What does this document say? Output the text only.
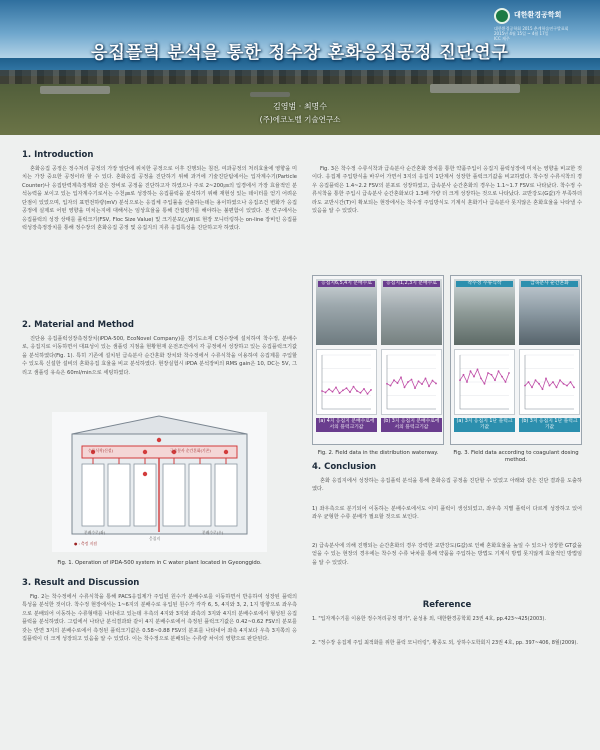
응집플럭 분석을 통한 정수장 혼화응집공정 진단연구
김영범 · 최명수
(주)에코노벨 기술연구소
대한환경공학회
대한환경공학회 2015 춘계학술연구발표회
2015년 4월 15일 ~ 4월 17일
ICC 제주
1. Introduction

혼화응집 공정은 정수처리 공정의 가장 앞단에 위치한 공정으로 이후 진행되는 침전, 여과공정의 처리효율에 영향을 미치는 가장 중요한 공정이라 할 수 있다. 혼화응집 공정을 진단하기 위해 과거에 기술진단팀에서는 입자계수기(Particle Counter)나 응집탄력계측정계와 같은 장비로 공정을 진단하고자 하였으나 주로 2~200㎛의 입경에서 가장 효율적인 분석능력을 보이고 있는 입자계수기로서는 수천㎛로 성장하는 응집플럭을 분석하기 위해 재현성 있는 데이터를 얻기 어려운 단점이 있었으며, 입자의 표면전하량(mV) 분석으로는 응집체 주입률을 산출하는데는 용이하였으나 응집조건 변화가 응집공정에 실제로 어떤 영향을 미치는지에 대해서는 임상효율을 통해 간접평가를 해야하는 불편함이 있었다. 본 연구에서는 응집플럭의 성장 상태를 플럭크기(FSV, Floc Size Value) 및 크기분포(△W)로 현장 모니터링하는 on-line 장비인 응집플럭성장측정장치를 통해 정수장의 혼화응집 공정 및 응집지의 지류 응집특성을 진단하고자 하였다.

2. Material and Method

진단용 응집플럭성장측정장치(iPDA-500, EcoNovel Company)를 경기도소재 C정수장에 설치하여 착수정, 분배수로, 응집지로 이동하면서 대표성이 있는 샘플링 지점을 현황현재 운전조건에서 각 공정에서 성장하고 있는 응집플럭크기값을 분석하였다(Fig. 1). 특히 기존에 설치된 급속분사 순간혼화 장치와 착수정에서 수류식착을 이용하여 응집제를 주입할 수 있도록 신설한 설비의 혼화응집 효율을 비교 분석하였다. 현장실험시 iPDA 분석장비의 RMS gain은 10, DC는 5V, 그리고 샘플링 유속은 60ml/min으로 세팅하였다.

수류식착(신설)	급속분사 순간혼화(기존)
분배수로(좌)	분배수로(우)
응집지
● : 측정 지점
Fig. 1. Operation of iPDA-500 system in C water plant located in Gyeonggido.
3. Result and Discussion

Fig. 2는 착수정에서 수류식착을 통해 PACS응집제가 주입된 원수가 분배수로를 이동하면서 반응하여 성장된 플럭의 특성을 분석한 것이다. 착수정 현장에서는 1~6지의 분배수로 유입된 원수가 각각 6, 5, 4지와 3, 2, 1지 방향으로 좌우측으로 분배되어 이동하는 수류형태를 나타내고 있는데 우측의 4지와 3지와 좌측의 3지와 4지의 분배수로에서 형성된 응집플럭을 분석하였다. 그림에서 나타난 분석결과와 같이 4지 분배수로에서 측정된 플럭크기값은 0.42~0.62 FSV의 분포를 갖는 반면 3지의 분배수로에서 측정된 플럭크기값은 0.58~0.88 FSV의 분포를 나타내어 좌측 4지보다 우측 3지쪽의 응집플럭이 더 크게 성장되고 있음을 알 수 있었다. 이는 착수정으로 분배되는 수류량 차이의 영향으로 판단된다.

Fig. 3은 착수정 수류식착과 급속분사 순간혼화 장치를 통한 약품주입이 응집지 플럭성장에 미치는 영향을 비교한 것이다. 응집제 주입방식을 바꾸어 가면서 3지의 응집지 1단계서 성장한 플럭크기값을 비교하였다. 착수정 수류식착의 경우 응집플럭은 1.4~2.2 FSV의 분포로 성장하였고, 급속분사 순간혼화의 경우는 1.1~1.7 FSV로 나타났다. 착수정 수류식착을 통한 주입시 급속분사 순간혼화보다 1.3배 가량 더 크게 성장하는 것으로 나타났다. 교반강도(G값)가 부족하더라도 교반시간(T)이 확보되는 현장에서는 착수정 주입방식도 기계식 혼화기나 급속분사 못지않은 혼화효율을 나타낼 수 있음을 알 수 있었다.

응집지6,5,4지 분배수로	응집지1,2,3지 분배수로
(a) 4지 응집지 분배수로에서의 플럭크기값
(b) 3지 응집지 분배수로에서의 플럭크기값
Fig. 2. Field data in the distribution waterway.
착수정 수류식착	급속분사 순간혼화
(a) 3지 응집지 1단 플럭크기값
(b) 3지 응집지 1단 플럭크기값
Fig. 3. Field data according to coagulant dosing method.
4. Conclusion

혼화 응집지에서 성장하는 응집플럭 분석을 통해 혼화응집 공정을 진단할 수 있었고 아래와 같은 진단 결과를 도출하였다.

1) 좌우측으로 분기되어 이동하는 분배수로에서도 이미 플럭이 생성되었고, 좌우측 지별 플럭이 다르게 성장하고 있어 좌우 균형한 수류 분배가 필요할 것으로 보인다.
2) 급속분사에 의해 진행되는 순간혼화의 경우 강력한 교반강도(G값)로 인해 혼화효율을 높일 수 있으나 성장한 GT값을 얻을 수 있는 현장의 경우에는 착수정 수류 낙차를 통해 약품을 주입하는 방법도 기계식 방법 못지않게 효율적인 방법임을 알 수 있었다.
Reference
1. "입자계수기를 이용한 정수처리공정 평가", 윤성용 외, 대한환경공학회 23권 4호, pp.423~425(2003).
2. "정수장 응집제 주입 최적화를 위한 플럭 모니터링", 황종도 외, 상하수도학회지 23권 4호, pp. 397~406, 8월(2009).
